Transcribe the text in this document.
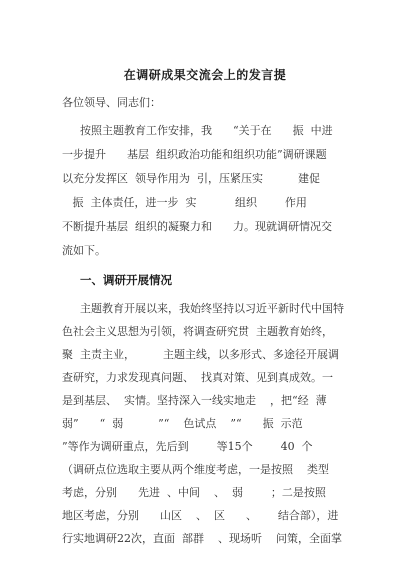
在调研成果交流会上的发言提
各位领导、同志们：
按照主题教育工作安排，我      “关于在      振  中进
一步提升      基层  组织政治功能和组织功能”调研课题
以充分发挥区  领导作用为  引，压紧压实          建促
振  主体责任，进一步  实           组织        作用
不断提升基层  组织的凝聚力和      力。现就调研情况交
流如下。
一、调研开展情况
主题教育开展以来，我始终坚持以习近平新时代中国特
色社会主义思想为引领，将调查研究贯  主题教育始终，
聚  主责主业，        主题主线，以多形式、多途径开展调
查研究，力求发现真问题、  找真对策、见到真成效。一
是到基层、  实情。坚持深入一线实地走    ，把“经  薄
弱”      “  弱          ”“    色试点    ”“      振  示范
”等作为调研重点，先后到        等15个        40  个
（调研点位选取主要从两个维度考虑，一是按照    类型
考虑，分别      先进  、中间    、  弱        ；二是按照
地区考虑，分别      山区    、  区      、      结合部），进
行实地调研22次，直面  部群    、现场听    问策，全面掌
